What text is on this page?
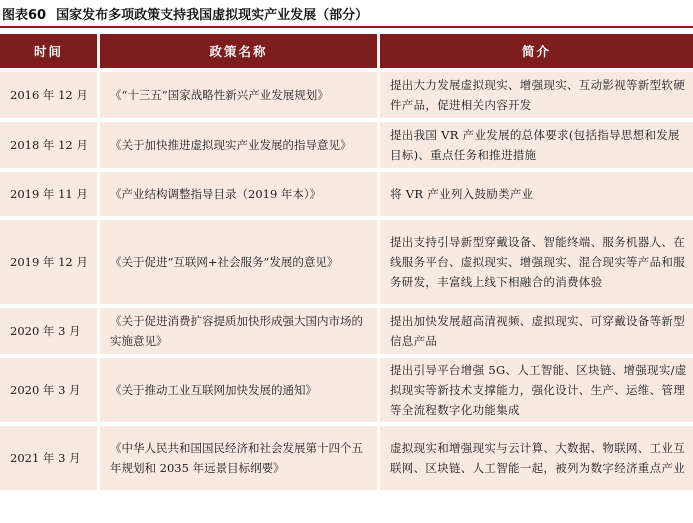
图表60 国家发布多项政策支持我国虚拟现实产业发展（部分）
时间	政策名称	简介
2016 年 12 月	《“十三五”国家战略性新兴产业发展规划》	提出大力发展虚拟现实、增强现实、互动影视等新型软硬件产品，促进相关内容开发
2018 年 12 月	《关于加快推进虚拟现实产业发展的指导意见》	提出我国 VR 产业发展的总体要求(包括指导思想和发展目标)、重点任务和推进措施
2019 年 11 月	《产业结构调整指导目录（2019 年本）》	将 VR 产业列入鼓励类产业
2019 年 12 月	《关于促进“互联网+社会服务”发展的意见》	提出支持引导新型穿戴设备、智能终端、服务机器人、在线服务平台、虚拟现实、增强现实、混合现实等产品和服务研发，丰富线上线下相融合的消费体验
2020 年 3 月	《关于促进消费扩容提质加快形成强大国内市场的实施意见》	提出加快发展超高清视频、虚拟现实、可穿戴设备等新型信息产品
2020 年 3 月	《关于推动工业互联网加快发展的通知》	提出引导平台增强 5G、人工智能、区块链、增强现实/虚拟现实等新技术支撑能力，强化设计、生产、运维、管理等全流程数字化功能集成
2021 年 3 月	《中华人民共和国国民经济和社会发展第十四个五年规划和 2035 年远景目标纲要》	虚拟现实和增强现实与云计算、大数据、物联网、工业互联网、区块链、人工智能一起，被列为数字经济重点产业
